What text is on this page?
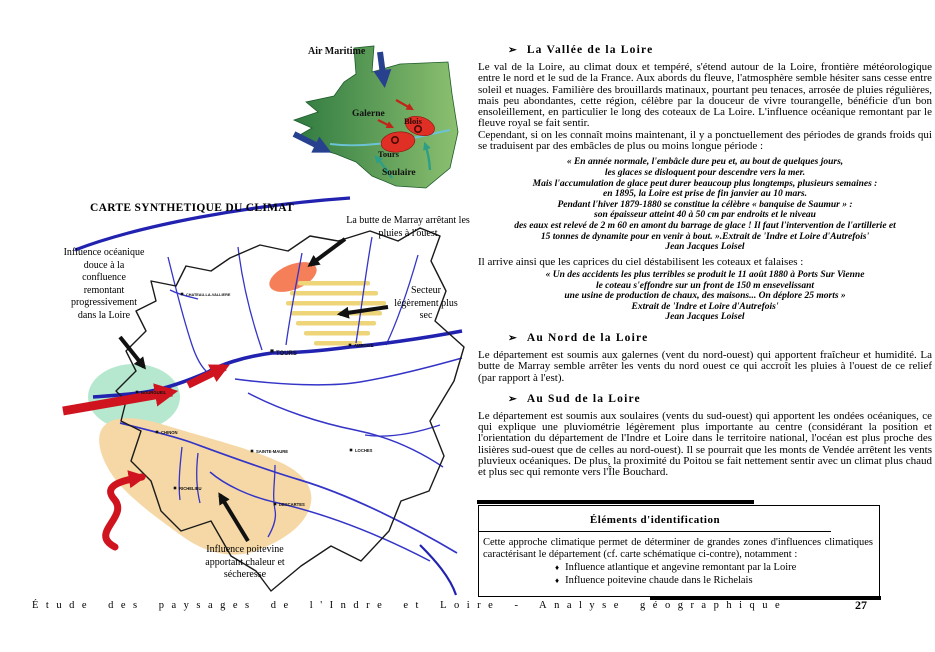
Air Maritime
Galerne
Blois
Tours
Soulaire
CHATEAU-LA-VALLIERE
TOURS
AMBOISE
BOURGUEIL
CHINON
SAINTE-MAURE
RICHELIEU
LOCHES
DESCARTES
CARTE SYNTHETIQUE DU CLIMAT
Influence océanique douce à la confluence remontant progressivement dans la Loire
La butte de Marray arrêtant les pluies à l'ouest
Secteur légèrement plus sec
Influence poitevine apportant chaleur et sécheresse
➢ La Vallée de la Loire

Le val de la Loire, au climat doux et tempéré, s'étend autour de la Loire, frontière météorologique entre le nord et le sud de la France. Aux abords du fleuve, l'atmosphère semble hésiter sans cesse entre soleil et nuages. Familière des brouillards matinaux, pourtant peu tenaces, arrosée de pluies régulières, mais peu abondantes, cette région, célèbre par la douceur de vivre tourangelle, bénéficie d'un bon ensoleillement, en particulier le long des coteaux de La Loire. L'influence océanique remontant par le fleuve royal se fait sentir.

Cependant, si on les connaît moins maintenant, il y a ponctuellement des périodes de grands froids qui se traduisent par des embâcles de plus ou moins longue période :

« En année normale, l'embâcle dure peu et, au bout de quelques jours,
les glaces se disloquent pour descendre vers la mer.
Mais l'accumulation de glace peut durer beaucoup plus longtemps, plusieurs semaines :
en 1895, la Loire est prise de fin janvier au 10 mars.
Pendant l'hiver 1879-1880 se constitue la célèbre « banquise de Saumur » :
son épaisseur atteint 40 à 50 cm par endroits et le niveau
des eaux est relevé de 2 m 60 en amont du barrage de glace ! Il faut l'intervention de l'artillerie et
15 tonnes de dynamite pour en venir à bout. ».Extrait de 'Indre et Loire d'Autrefois'
Jean Jacques Loisel

Il arrive ainsi que les caprices du ciel déstabilisent les coteaux et falaises :

« Un des accidents les plus terribles se produit le 11 août 1880 à Ports Sur Vienne
le coteau s'effondre sur un front de 150 m ensevelissant
une usine de production de chaux, des maisons... On déplore 25 morts »
Extrait de 'Indre et Loire d'Autrefois'
Jean Jacques Loisel
➢ Au Nord de la Loire

Le département est soumis aux galernes (vent du nord-ouest) qui apportent fraîcheur et humidité. La butte de Marray semble arrêter les vents du nord ouest ce qui accroît les pluies à l'ouest de ce relief (par rapport à l'est).

➢ Au Sud de la Loire

Le département est soumis aux soulaires (vents du sud-ouest) qui apportent les ondées océaniques, ce qui explique une pluviométrie légèrement plus importante au centre (considérant la position et l'orientation du département de l'Indre et Loire dans le territoire national, l'océan est plus proche des lisières sud-ouest que de celles au nord-ouest). Il se pourrait que les monts de Vendée arrêtent les vents pluvieux océaniques. De plus, la proximité du Poitou se fait nettement sentir avec un climat plus chaud et plus sec qui remonte vers l'Île Bouchard.

Éléments d'identification
Cette approche climatique permet de déterminer de grandes zones d'influences climatiques caractérisant le département (cf. carte schématique ci-contre), notamment :
♦ Influence atlantique et angevine remontant par la Loire
♦ Influence poitevine chaude dans le Richelais
Étude des paysages de l'Indre et Loire - Analyse géographique	27
